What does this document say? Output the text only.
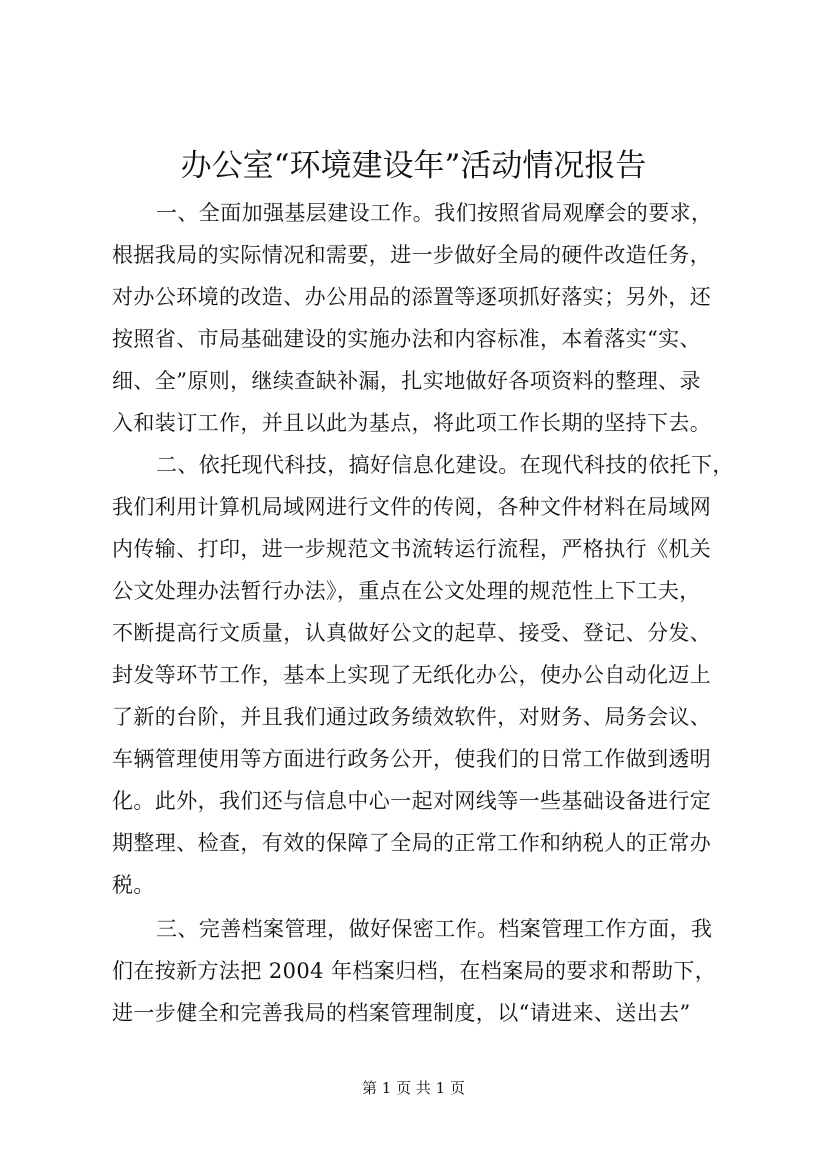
办公室“环境建设年”活动情况报告
一、全面加强基层建设工作。我们按照省局观摩会的要求，
根据我局的实际情况和需要，进一步做好全局的硬件改造任务，
对办公环境的改造、办公用品的添置等逐项抓好落实；另外，还
按照省、市局基础建设的实施办法和内容标准，本着落实“实、
细、全”原则，继续查缺补漏，扎实地做好各项资料的整理、录
入和装订工作，并且以此为基点，将此项工作长期的坚持下去。
二、依托现代科技，搞好信息化建设。在现代科技的依托下，
我们利用计算机局域网进行文件的传阅，各种文件材料在局域网
内传输、打印，进一步规范文书流转运行流程，严格执行《机关
公文处理办法暂行办法》，重点在公文处理的规范性上下工夫，
不断提高行文质量，认真做好公文的起草、接受、登记、分发、
封发等环节工作，基本上实现了无纸化办公，使办公自动化迈上
了新的台阶，并且我们通过政务绩效软件，对财务、局务会议、
车辆管理使用等方面进行政务公开，使我们的日常工作做到透明
化。此外，我们还与信息中心一起对网线等一些基础设备进行定
期整理、检查，有效的保障了全局的正常工作和纳税人的正常办
税。
三、完善档案管理，做好保密工作。档案管理工作方面，我
们在按新方法把 2004 年档案归档，在档案局的要求和帮助下，
进一步健全和完善我局的档案管理制度，以“请进来、送出去”
第 1 页 共 1 页
